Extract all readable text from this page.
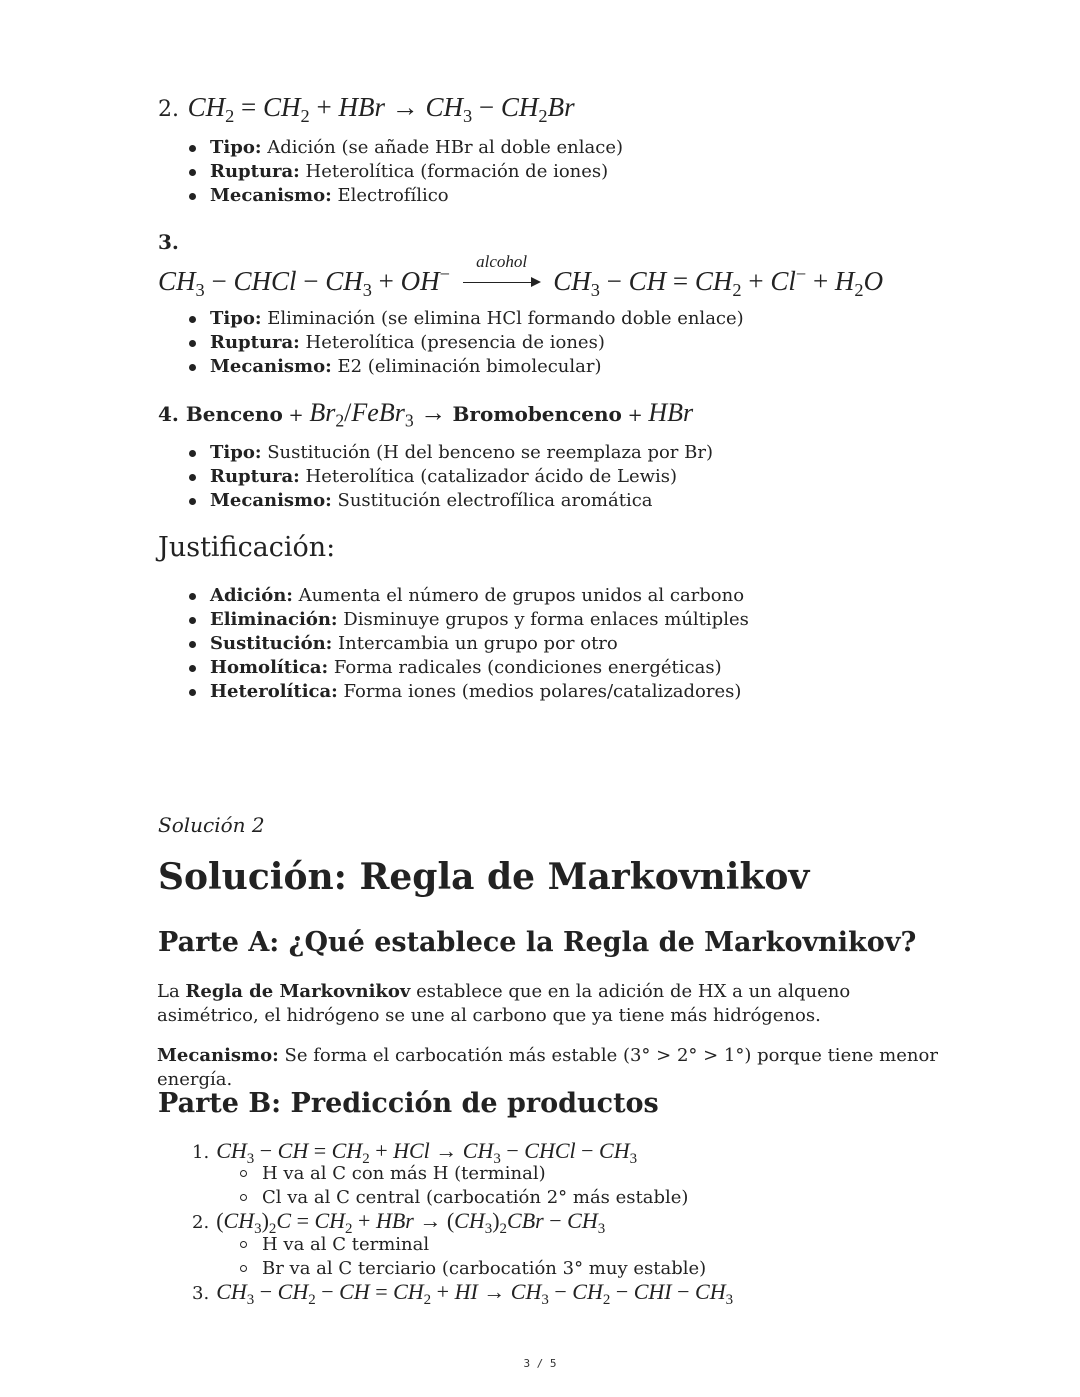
2. $CH_2 = CH_2$ + HBr → $CH_3 - CH_2Br$
Tipo: Adición (se añade HBr al doble enlace)
Ruptura: Heterolítica (formación de iones)
Mecanismo: Electrofílico
3.
$CH_3$ − CHCl − $CH_3 + OH^-$
alcohol
$CH_3$ − CH = $CH_2 + Cl^- + H_2O$
Tipo: Eliminación (se elimina HCl formando doble enlace)
Ruptura: Heterolítica (presencia de iones)
Mecanismo: E2 (eliminación bimolecular)
4. Benceno + $Br_2/FeBr_3$ → Bromobenceno + HBr
Tipo: Sustitución (H del benceno se reemplaza por Br)
Ruptura: Heterolítica (catalizador ácido de Lewis)
Mecanismo: Sustitución electrofílica aromática
Justificación:
Adición: Aumenta el número de grupos unidos al carbono
Eliminación: Disminuye grupos y forma enlaces múltiples
Sustitución: Intercambia un grupo por otro
Homolítica: Forma radicales (condiciones energéticas)
Heterolítica: Forma iones (medios polares/catalizadores)
Solución 2
Solución: Regla de Markovnikov
Parte A: ¿Qué establece la Regla de Markovnikov?
La Regla de Markovnikov establece que en la adición de HX a un alqueno asimétrico, el hidrógeno se une al carbono que ya tiene más hidrógenos.
Mecanismo: Se forma el carbocatión más estable (3° > 2° > 1°) porque tiene menor energía.
Parte B: Predicción de productos
1. $CH_3$ − CH = $CH_2$ + HCl → $CH_3$ − CHCl − $CH_3$
H va al C con más H (terminal)
Cl va al C central (carbocatión 2° más estable)
2. $(CH_3)_2C = CH_2$ + HBr → $(CH_3)_2CBr - CH_3$
H va al C terminal
Br va al C terciario (carbocatión 3° muy estable)
3. $CH_3 - CH_2$ − CH = $CH_2$ + HI → $CH_3 - CH_2$ − CHI − $CH_3$
3 / 5
